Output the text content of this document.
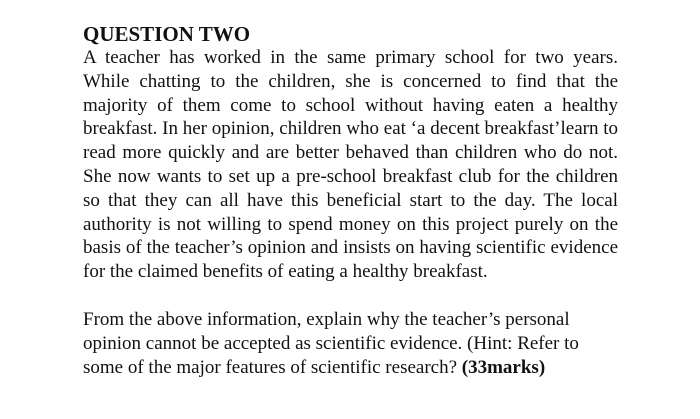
QUESTION TWO

A teacher has worked in the same primary school for two years. While chatting to the children, she is concerned to find that the majority of them come to school without having eaten a healthy breakfast. In her opinion, children who eat ‘a decent breakfast’learn to read more quickly and are better behaved than children who do not. She now wants to set up a pre-school breakfast club for the children so that they can all have this beneficial start to the day. The local authority is not willing to spend money on this project purely on the basis of the teacher’s opinion and insists on having scientific evidence for the claimed benefits of eating a healthy breakfast.

From the above information, explain why the teacher’s personal opinion cannot be accepted as scientific evidence. (Hint: Refer to some of the major features of scientific research? (33marks)
